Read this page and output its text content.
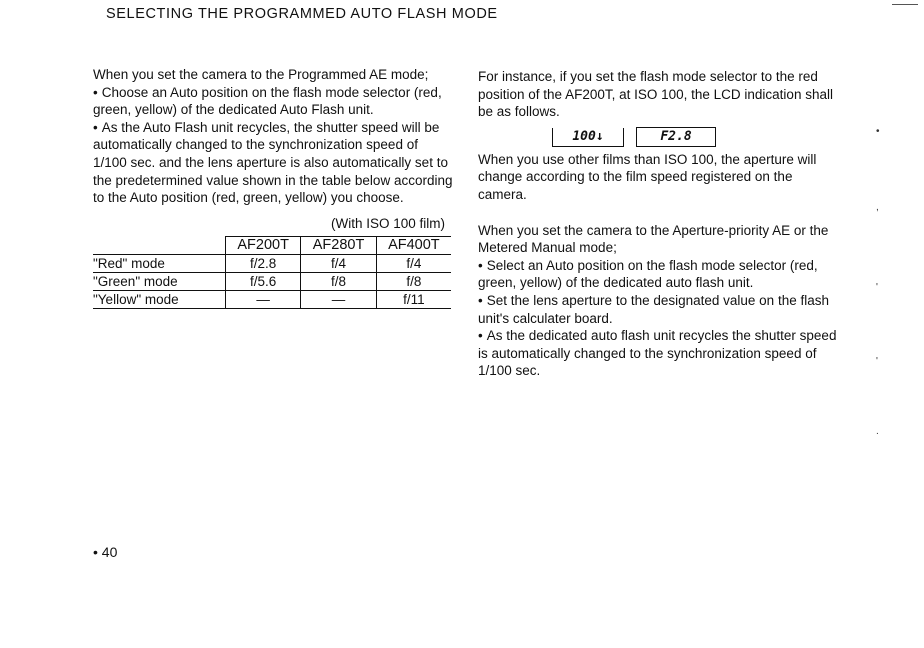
SELECTING THE PROGRAMMED AUTO FLASH MODE

When you set the camera to the Programmed AE mode;

• Choose an Auto position on the flash mode selector (red, green, yellow) of the dedicated Auto Flash unit.

• As the Auto Flash unit recycles, the shutter speed will be automatically changed to the synchronization speed of 1/100 sec. and the lens aperture is also automatically set to the predetermined value shown in the table below according to the Auto position (red, green, yellow) you choose.

(With ISO 100 film)
	AF200T	AF280T	AF400T
"Red" mode	f/2.8	f/4	f/4
"Green" mode	f/5.6	f/8	f/8
"Yellow" mode	—	—	f/11

For instance, if you set the flash mode selector to the red position of the AF200T, at ISO 100, the LCD indication shall be as follows.

100↓	F2.8

When you use other films than ISO 100, the aperture will change according to the film speed registered on the camera.

When you set the camera to the Aperture-priority AE or the Metered Manual mode;

• Select an Auto position on the flash mode selector (red, green, yellow) of the dedicated auto flash unit.

• Set the lens aperture to the designated value on the flash unit's calculater board.

• As the dedicated auto flash unit recycles the shutter speed is automatically changed to the synchronization speed of 1/100 sec.

• 40
•
,
'
'
.
